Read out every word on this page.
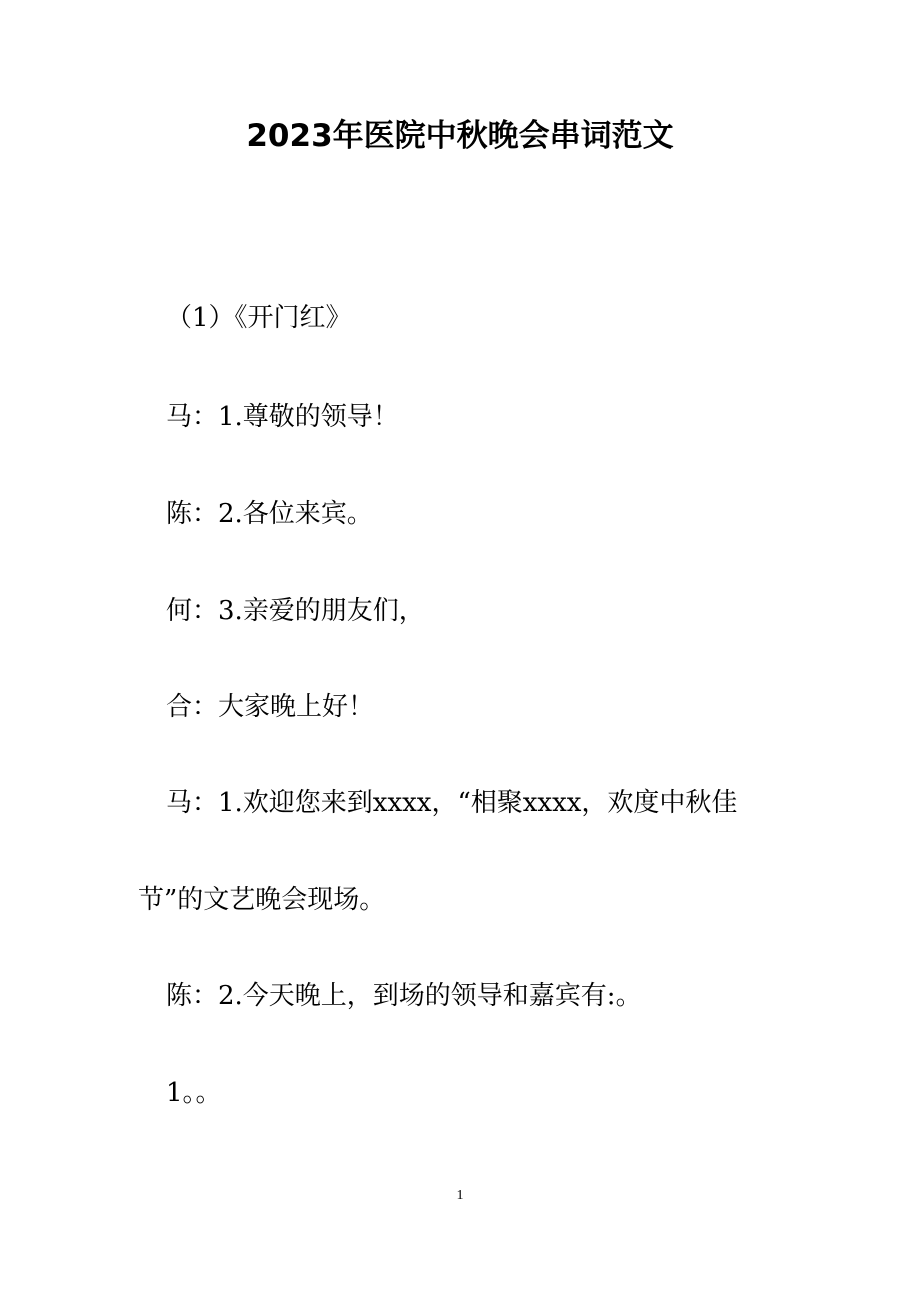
2023年医院中秋晚会串词范文

（1）《开门红》

马：1.尊敬的领导！

陈：2.各位来宾。

何：3.亲爱的朋友们，

合：大家晚上好！

马：1.欢迎您来到xxxx，“相聚xxxx，欢度中秋佳

节”的文艺晚会现场。

陈：2.今天晚上，到场的领导和嘉宾有:。

1。。

1
